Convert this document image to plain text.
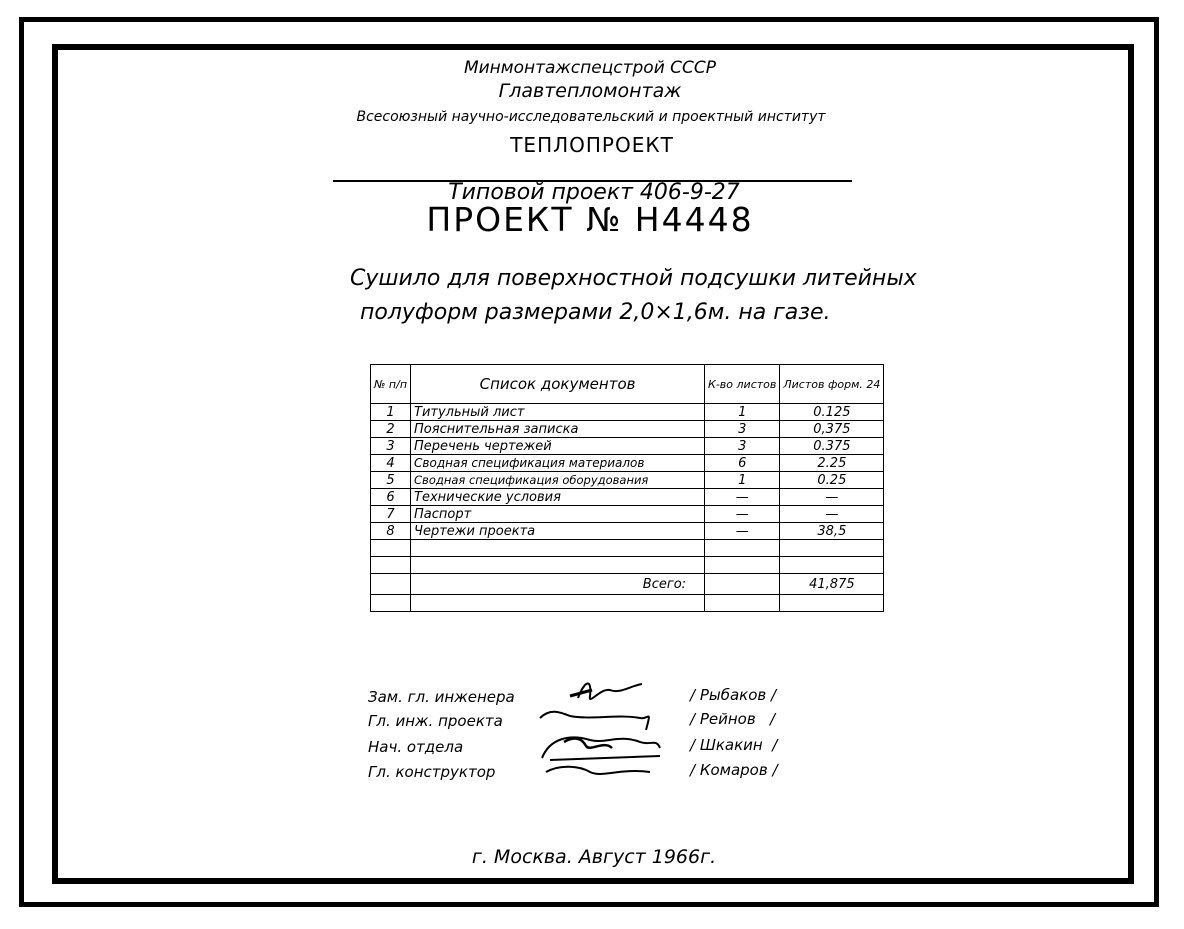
Минмонтажспецстрой СССР
Главтепломонтаж
Всесоюзный научно-исследовательский и проектный институт
ТЕПЛОПРОЕКТ
Типовой проект 406-9-27
ПРОЕКТ № Н4448
Сушило для поверхностной подсушки литейных
полуформ размерами 2,0×1,6м. на газе.
№ п/п	Список документов	К-во листов	Листов форм. 24
1	Титульный лист	1	0.125
2	Пояснительная записка	3	0,375
3	Перечень чертежей	3	0.375
4	Сводная спецификация материалов	6	2.25
5	Сводная спецификация оборудования	1	0.25
6	Технические условия	—	—
7	Паспорт	—	—
8	Чертежи проекта	—	38,5

	Всего:		41,875

Зам. гл. инженера
Гл. инж. проекта
Нач. отдела
Гл. конструктор
/ Рыбаков /
/ Рейнов   /
/ Шкакин  /
/ Комаров /
г. Москва. Август 1966г.
